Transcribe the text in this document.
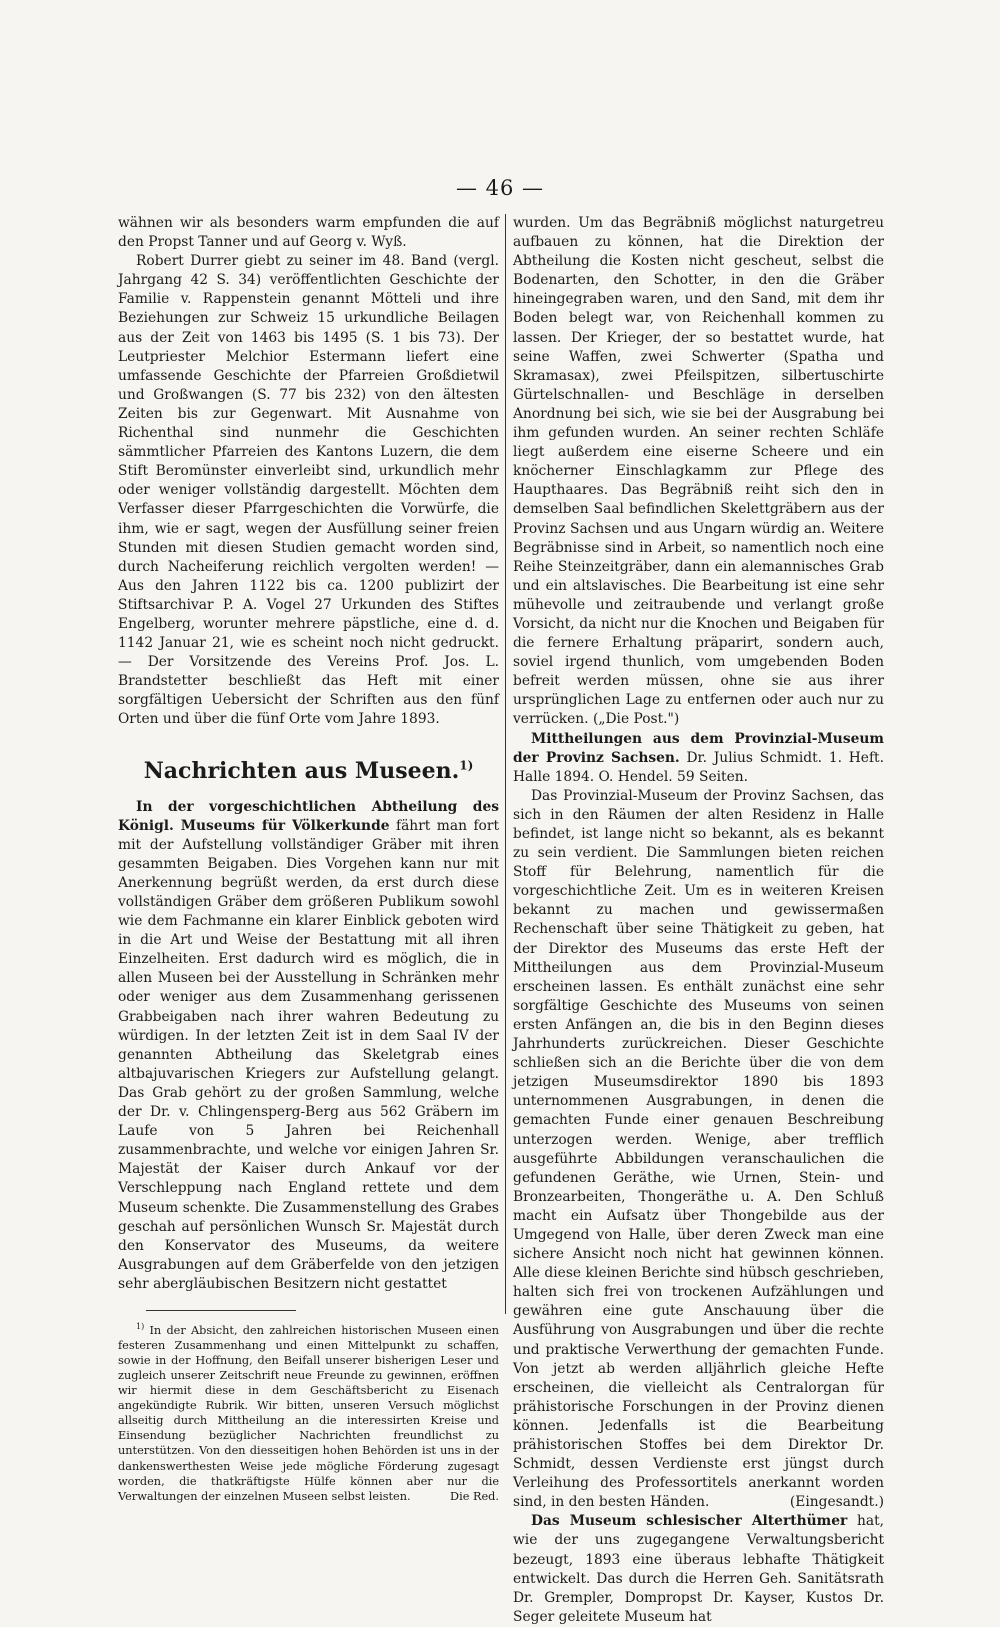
— 46 —

wähnen wir als besonders warm empfunden die auf den Propst Tanner und auf Georg v. Wyß.

Robert Durrer giebt zu seiner im 48. Band (vergl. Jahrgang 42 S. 34) veröffentlichten Geschichte der Familie v. Rappenstein genannt Mötteli und ihre Beziehungen zur Schweiz 15 urkundliche Beilagen aus der Zeit von 1463 bis 1495 (S. 1 bis 73). Der Leutpriester Melchior Estermann liefert eine umfassende Geschichte der Pfarreien Großdietwil und Großwangen (S. 77 bis 232) von den ältesten Zeiten bis zur Gegenwart. Mit Ausnahme von Richenthal sind nunmehr die Geschichten sämmtlicher Pfarreien des Kantons Luzern, die dem Stift Beromünster einverleibt sind, urkundlich mehr oder weniger vollständig dargestellt. Möchten dem Verfasser dieser Pfarrgeschichten die Vorwürfe, die ihm, wie er sagt, wegen der Ausfüllung seiner freien Stunden mit diesen Studien gemacht worden sind, durch Nacheiferung reichlich vergolten werden! — Aus den Jahren 1122 bis ca. 1200 publizirt der Stiftsarchivar P. A. Vogel 27 Urkunden des Stiftes Engelberg, worunter mehrere päpstliche, eine d. d. 1142 Januar 21, wie es scheint noch nicht gedruckt. — Der Vorsitzende des Vereins Prof. Jos. L. Brandstetter beschließt das Heft mit einer sorgfältigen Uebersicht der Schriften aus den fünf Orten und über die fünf Orte vom Jahre 1893.

Nachrichten aus Museen.$^{1)}$

In der vorgeschichtlichen Abtheilung des Königl. Museums für Völkerkunde fährt man fort mit der Aufstellung vollständiger Gräber mit ihren gesammten Beigaben. Dies Vorgehen kann nur mit Anerkennung begrüßt werden, da erst durch diese vollständigen Gräber dem größeren Publikum sowohl wie dem Fachmanne ein klarer Einblick geboten wird in die Art und Weise der Bestattung mit all ihren Einzelheiten. Erst dadurch wird es möglich, die in allen Museen bei der Ausstellung in Schränken mehr oder weniger aus dem Zusammenhang gerissenen Grabbeigaben nach ihrer wahren Bedeutung zu würdigen. In der letzten Zeit ist in dem Saal IV der genannten Abtheilung das Skeletgrab eines altbajuvarischen Kriegers zur Aufstellung gelangt. Das Grab gehört zu der großen Sammlung, welche der Dr. v. Chlingensperg-Berg aus 562 Gräbern im Laufe von 5 Jahren bei Reichenhall zusammenbrachte, und welche vor einigen Jahren Sr. Majestät der Kaiser durch Ankauf vor der Verschleppung nach England rettete und dem Museum schenkte. Die Zusammenstellung des Grabes geschah auf persönlichen Wunsch Sr. Majestät durch den Konservator des Museums, da weitere Ausgrabungen auf dem Gräberfelde von den jetzigen sehr abergläubischen Besitzern nicht gestattet

$^{1)}$ In der Absicht, den zahlreichen historischen Museen einen festeren Zusammenhang und einen Mittelpunkt zu schaffen, sowie in der Hoffnung, den Beifall unserer bisherigen Leser und zugleich unserer Zeitschrift neue Freunde zu gewinnen, eröffnen wir hiermit diese in dem Geschäftsbericht zu Eisenach angekündigte Rubrik. Wir bitten, unseren Versuch möglichst allseitig durch Mittheilung an die interessirten Kreise und Einsendung bezüglicher Nachrichten freundlichst zu unterstützen. Von den diesseitigen hohen Behörden ist uns in der dankenswerthesten Weise jede mögliche Förderung zugesagt worden, die thatkräftigste Hülfe können aber nur die Verwaltungen der einzelnen Museen selbst leisten.	Die Red.

wurden. Um das Begräbniß möglichst naturgetreu aufbauen zu können, hat die Direktion der Abtheilung die Kosten nicht gescheut, selbst die Bodenarten, den Schotter, in den die Gräber hineingegraben waren, und den Sand, mit dem ihr Boden belegt war, von Reichenhall kommen zu lassen. Der Krieger, der so bestattet wurde, hat seine Waffen, zwei Schwerter (Spatha und Skramasax), zwei Pfeilspitzen, silbertuschirte Gürtelschnallen- und Beschläge in derselben Anordnung bei sich, wie sie bei der Ausgrabung bei ihm gefunden wurden. An seiner rechten Schläfe liegt außerdem eine eiserne Scheere und ein knöcherner Einschlagkamm zur Pflege des Haupthaares. Das Begräbniß reiht sich den in demselben Saal befindlichen Skelettgräbern aus der Provinz Sachsen und aus Ungarn würdig an. Weitere Begräbnisse sind in Arbeit, so namentlich noch eine Reihe Steinzeitgräber, dann ein alemannisches Grab und ein altslavisches. Die Bearbeitung ist eine sehr mühevolle und zeitraubende und verlangt große Vorsicht, da nicht nur die Knochen und Beigaben für die fernere Erhaltung präparirt, sondern auch, soviel irgend thunlich, vom umgebenden Boden befreit werden müssen, ohne sie aus ihrer ursprünglichen Lage zu entfernen oder auch nur zu verrücken. („Die Post.")

Mittheilungen aus dem Provinzial-Museum der Provinz Sachsen. Dr. Julius Schmidt. 1. Heft. Halle 1894. O. Hendel. 59 Seiten.

Das Provinzial-Museum der Provinz Sachsen, das sich in den Räumen der alten Residenz in Halle befindet, ist lange nicht so bekannt, als es bekannt zu sein verdient. Die Sammlungen bieten reichen Stoff für Belehrung, namentlich für die vorgeschichtliche Zeit. Um es in weiteren Kreisen bekannt zu machen und gewissermaßen Rechenschaft über seine Thätigkeit zu geben, hat der Direktor des Museums das erste Heft der Mittheilungen aus dem Provinzial-Museum erscheinen lassen. Es enthält zunächst eine sehr sorgfältige Geschichte des Museums von seinen ersten Anfängen an, die bis in den Beginn dieses Jahrhunderts zurückreichen. Dieser Geschichte schließen sich an die Berichte über die von dem jetzigen Museumsdirektor 1890 bis 1893 unternommenen Ausgrabungen, in denen die gemachten Funde einer genauen Beschreibung unterzogen werden. Wenige, aber trefflich ausgeführte Abbildungen veranschaulichen die gefundenen Geräthe, wie Urnen, Stein- und Bronzearbeiten, Thongeräthe u. A. Den Schluß macht ein Aufsatz über Thongebilde aus der Umgegend von Halle, über deren Zweck man eine sichere Ansicht noch nicht hat gewinnen können. Alle diese kleinen Berichte sind hübsch geschrieben, halten sich frei von trockenen Aufzählungen und gewähren eine gute Anschauung über die Ausführung von Ausgrabungen und über die rechte und praktische Verwerthung der gemachten Funde. Von jetzt ab werden alljährlich gleiche Hefte erscheinen, die vielleicht als Centralorgan für prähistorische Forschungen in der Provinz dienen können. Jedenfalls ist die Bearbeitung prähistorischen Stoffes bei dem Direktor Dr. Schmidt, dessen Verdienste erst jüngst durch Verleihung des Professortitels anerkannt worden sind, in den besten Händen.	(Eingesandt.)

Das Museum schlesischer Alterthümer hat, wie der uns zugegangene Verwaltungsbericht bezeugt, 1893 eine überaus lebhafte Thätigkeit entwickelt. Das durch die Herren Geh. Sanitätsrath Dr. Grempler, Dompropst Dr. Kayser, Kustos Dr. Seger geleitete Museum hat
